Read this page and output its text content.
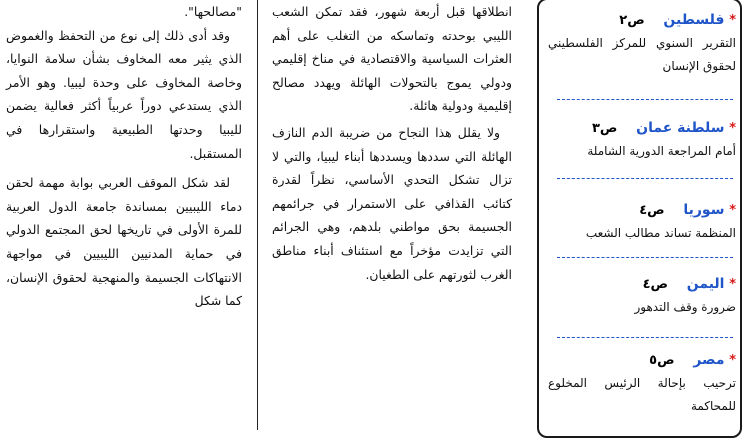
"مصالحها".

وقد أدى ذلك إلى نوع من التحفظ والغموض الذي يثير معه المخاوف بشأن سلامة النوايا، وخاصة المخاوف على وحدة ليبيا. وهو الأمر الذي يستدعي دوراً عربياً أكثر فعالية يضمن لليبيا وحدتها الطبيعية واستقرارها في المستقبل.

لقد شكل الموقف العربي بوابة مهمة لحقن دماء الليبيين بمساندة جامعة الدول العربية للمرة الأولى في تاريخها لحق المجتمع الدولي في حماية المدنيين الليبيين في مواجهة الانتهاكات الجسيمة والمنهجية لحقوق الإنسان، كما شكل

انطلاقها قبل أربعة شهور، فقد تمكن الشعب الليبي بوحدته وتماسكه من التغلب على أهم العثرات السياسية والاقتصادية في مناخ إقليمي ودولي يموج بالتحولات الهائلة ويهدد مصالح إقليمية ودولية هائلة.

ولا يقلل هذا النجاح من ضريبة الدم النازف الهائلة التي سددها ويسددها أبناء ليبيا، والتي لا تزال تشكل التحدي الأساسي، نظراً لقدرة كتائب القذافي على الاستمرار في جرائمهم الجسيمة بحق مواطني بلدهم، وهي الجرائم التي تزايدت مؤخراً مع استئناف أبناء مناطق الغرب لثورتهم على الطغيان.

* فلسطين ص٢
التقرير السنوي للمركز الفلسطيني لحقوق الإنسان
* سلطنة عمان ص٣
أمام المراجعة الدورية الشاملة
* سوريا ص٤
المنظمة تساند مطالب الشعب
* اليمن ص٤
ضرورة وقف التدهور
* مصر ص٥
ترحيب بإحالة الرئيس المخلوع للمحاكمة
